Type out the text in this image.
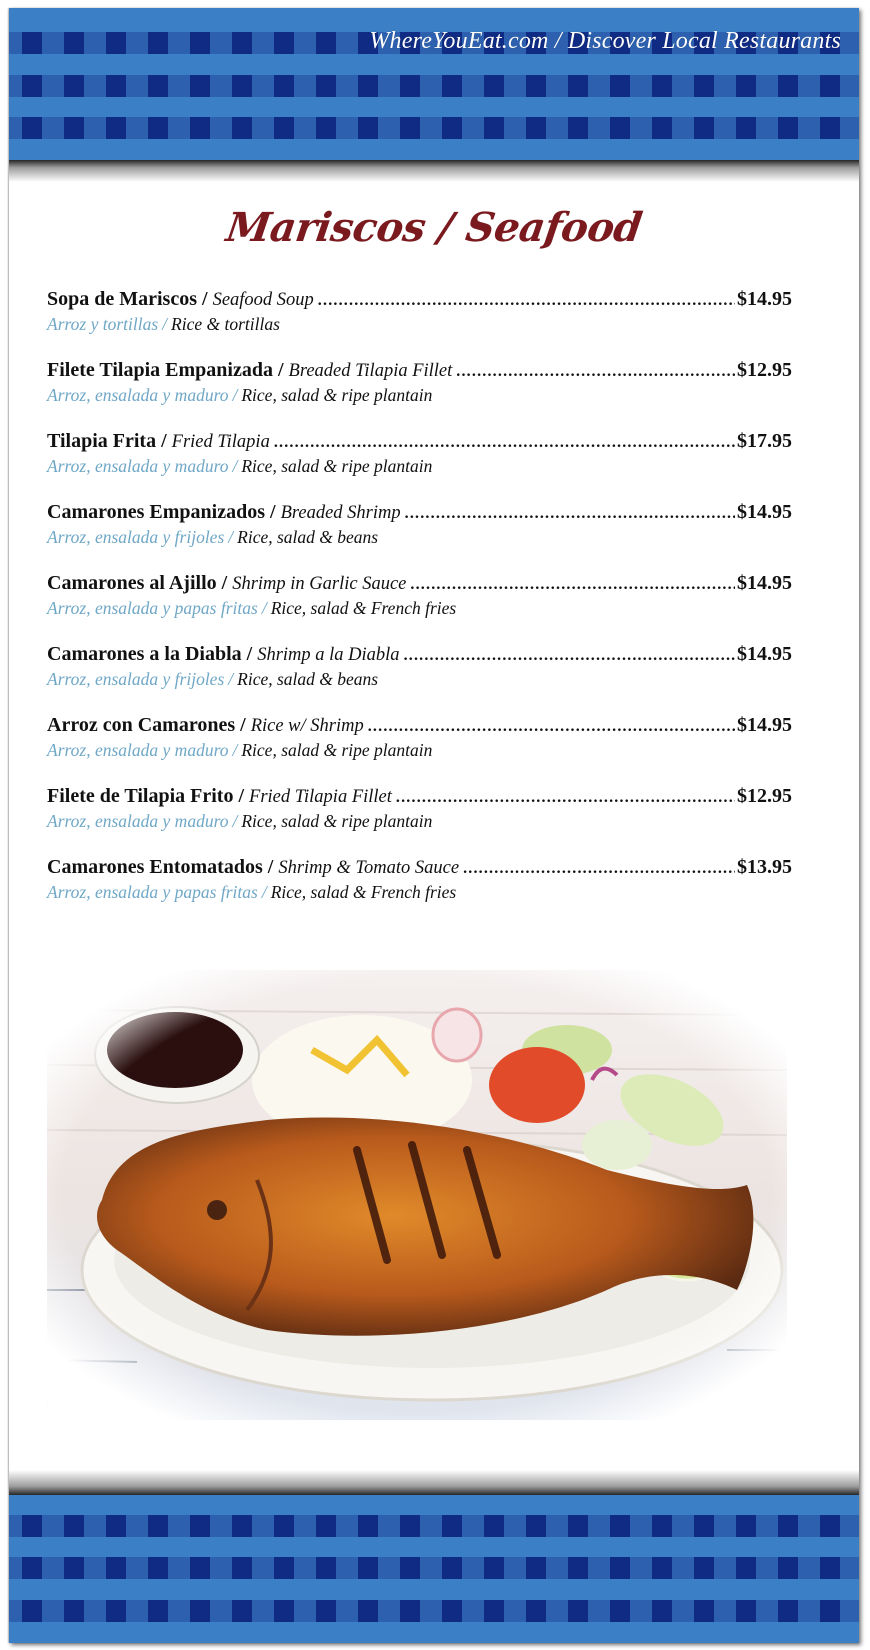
WhereYouEat.com / Discover Local Restaurants
Mariscos / Seafood
Sopa de Mariscos / Seafood Soup .....	$14.95
Arroz y tortillas / Rice & tortillas
Filete Tilapia Empanizada / Breaded Tilapia Fillet .....	$12.95
Arroz, ensalada y maduro / Rice, salad & ripe plantain
Tilapia Frita / Fried Tilapia .....	$17.95
Arroz, ensalada y maduro / Rice, salad & ripe plantain
Camarones Empanizados / Breaded Shrimp .....	$14.95
Arroz, ensalada y frijoles / Rice, salad & beans
Camarones al Ajillo / Shrimp in Garlic Sauce .....	$14.95
Arroz, ensalada y papas fritas / Rice, salad & French fries
Camarones a la Diabla / Shrimp a la Diabla .....	$14.95
Arroz, ensalada y frijoles / Rice, salad & beans
Arroz con Camarones / Rice w/ Shrimp .....	$14.95
Arroz, ensalada y maduro / Rice, salad & ripe plantain
Filete de Tilapia Frito / Fried Tilapia Fillet .....	$12.95
Arroz, ensalada y maduro / Rice, salad & ripe plantain
Camarones Entomatados / Shrimp & Tomato Sauce .....	$13.95
Arroz, ensalada y papas fritas / Rice, salad & French fries
